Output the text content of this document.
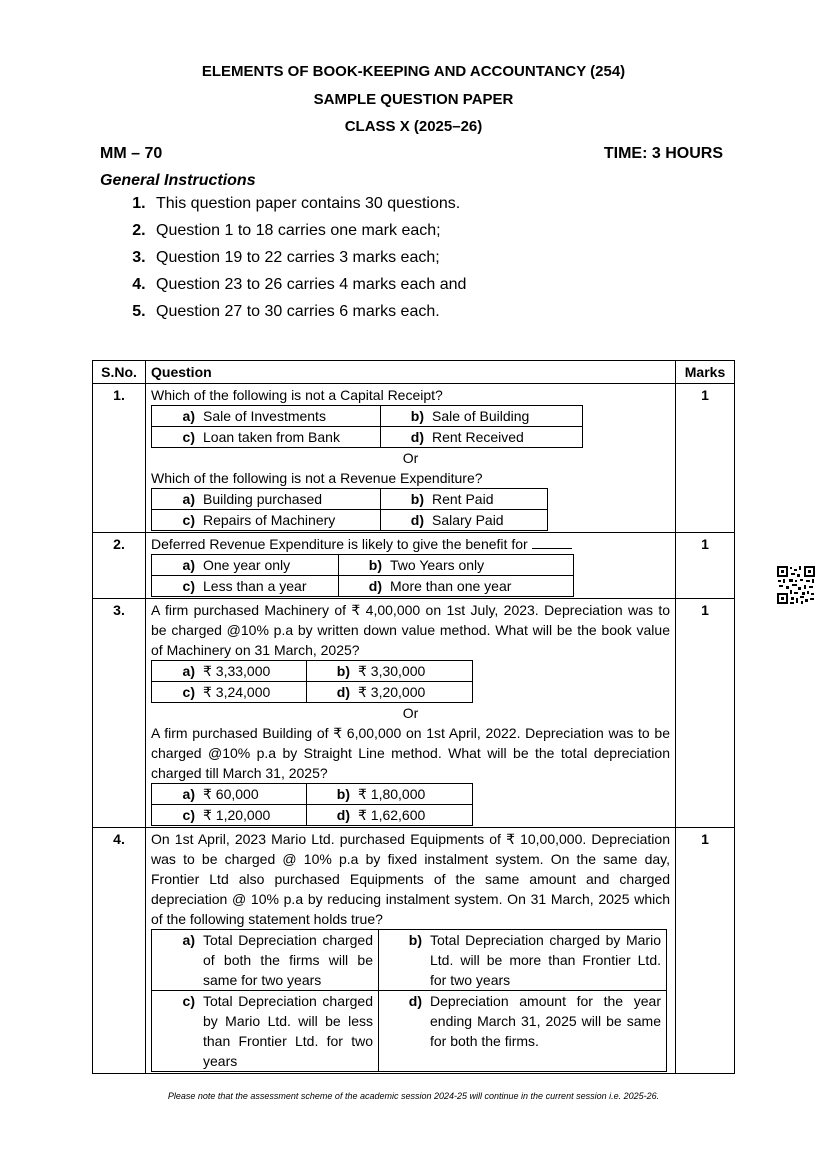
ELEMENTS OF BOOK-KEEPING AND ACCOUNTANCY (254)
SAMPLE QUESTION PAPER
CLASS X (2025–26)
MM – 70	TIME: 3 HOURS
General Instructions
1. This question paper contains 30 questions.
2. Question 1 to 18 carries one mark each;
3. Question 19 to 22 carries 3 marks each;
4. Question 23 to 26 carries 4 marks each and
5. Question 27 to 30 carries 6 marks each.
S.No.	Question	Marks
1.	Which of the following is not a Capital Receipt?
a)	Sale of Investments	b)	Sale of Building
c)	Loan taken from Bank	d)	Rent Received
Or
Which of the following is not a Revenue Expenditure?
a)	Building purchased	b)	Rent Paid
c)	Repairs of Machinery	d)	Salary Paid
	1
2.	Deferred Revenue Expenditure is likely to give the benefit for
a)	One year only	b)	Two Years only
c)	Less than a year	d)	More than one year
	1
3.	A firm purchased Machinery of ₹ 4,00,000 on 1st July, 2023. Depreciation was to be charged @10% p.a by written down value method. What will be the book value of Machinery on 31 March, 2025?
a)	₹ 3,33,000	b)	₹ 3,30,000
c)	₹ 3,24,000	d)	₹ 3,20,000
Or
A firm purchased Building of ₹ 6,00,000 on 1st April, 2022. Depreciation was to be charged @10% p.a by Straight Line method. What will be the total depreciation charged till March 31, 2025?
a)	₹ 60,000	b)	₹ 1,80,000
c)	₹ 1,20,000	d)	₹ 1,62,600
	1
4.	On 1st April, 2023 Mario Ltd. purchased Equipments of ₹ 10,00,000. Depreciation was to be charged @ 10% p.a by fixed instalment system. On the same day, Frontier Ltd also purchased Equipments of the same amount and charged depreciation @ 10% p.a by reducing instalment system. On 31 March, 2025 which of the following statement holds true?
a)	Total Depreciation charged of both the firms will be same for two years	b)	Total Depreciation charged by Mario Ltd. will be more than Frontier Ltd. for two years
c)	Total Depreciation charged by Mario Ltd. will be less than Frontier Ltd. for two years	d)	Depreciation amount for the year ending March 31, 2025 will be same for both the firms.
	1
Please note that the assessment scheme of the academic session 2024-25 will continue in the current session i.e. 2025-26.
